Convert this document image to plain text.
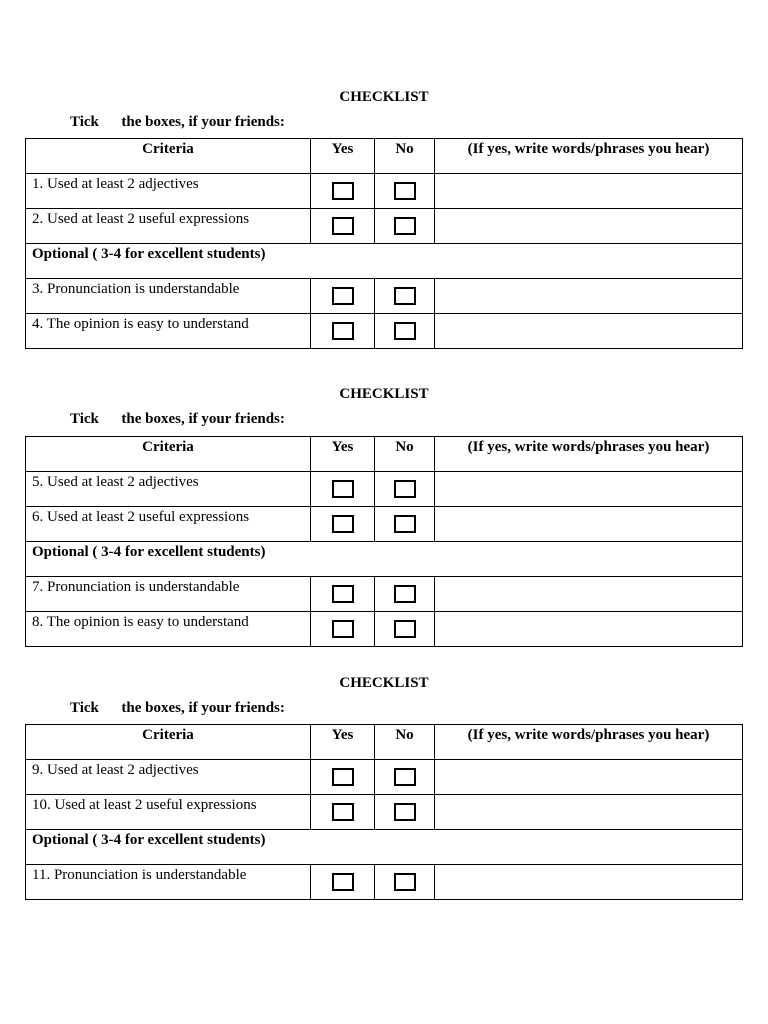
CHECKLIST
Tick      the boxes, if your friends:
Criteria	Yes	No	(If yes, write words/phrases you hear)
1. Used at least 2 adjectives			
2. Used at least 2 useful expressions			
Optional ( 3-4 for excellent students)			
3. Pronunciation is understandable			
4. The opinion is easy to understand			
CHECKLIST
Tick      the boxes, if your friends:
Criteria	Yes	No	(If yes, write words/phrases you hear)
5. Used at least 2 adjectives			
6. Used at least 2 useful expressions			
Optional ( 3-4 for excellent students)			
7. Pronunciation is understandable			
8. The opinion is easy to understand			
CHECKLIST
Tick      the boxes, if your friends:
Criteria	Yes	No	(If yes, write words/phrases you hear)
9. Used at least 2 adjectives			
10. Used at least 2 useful expressions			
Optional ( 3-4 for excellent students)			
11. Pronunciation is understandable			
